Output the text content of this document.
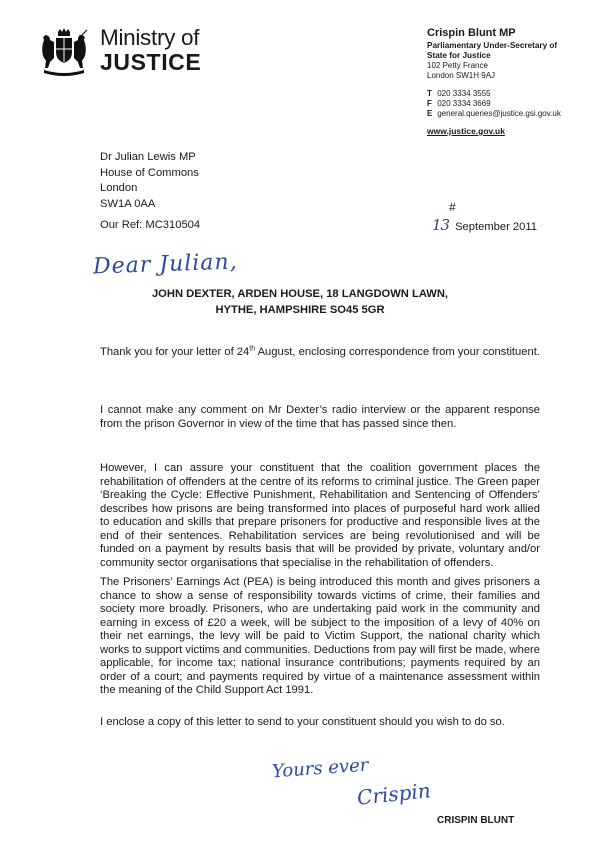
Ministry of
JUSTICE
Crispin Blunt MP
Parliamentary Under-Secretary of
State for Justice
102 Petty France
London SW1H 9AJ
T 020 3334 3555
F 020 3334 3669
E general.queries@justice.gsi.gov.uk
www.justice.gov.uk
Dr Julian Lewis MP
House of Commons
London
SW1A 0AA
Our Ref: MC310504
#
13 September 2011
Dear Julian,
JOHN DEXTER, ARDEN HOUSE, 18 LANGDOWN LAWN,
HYTHE, HAMPSHIRE SO45 5GR
Thank you for your letter of 24th August, enclosing correspondence from your constituent.
I cannot make any comment on Mr Dexter’s radio interview or the apparent response from the prison Governor in view of the time that has passed since then.
However, I can assure your constituent that the coalition government places the rehabilitation of offenders at the centre of its reforms to criminal justice. The Green paper ‘Breaking the Cycle: Effective Punishment, Rehabilitation and Sentencing of Offenders’ describes how prisons are being transformed into places of purposeful hard work allied to education and skills that prepare prisoners for productive and responsible lives at the end of their sentences. Rehabilitation services are being revolutionised and will be funded on a payment by results basis that will be provided by private, voluntary and/or community sector organisations that specialise in the rehabilitation of offenders.
The Prisoners’ Earnings Act (PEA) is being introduced this month and gives prisoners a chance to show a sense of responsibility towards victims of crime, their families and society more broadly. Prisoners, who are undertaking paid work in the community and earning in excess of £20 a week, will be subject to the imposition of a levy of 40% on their net earnings, the levy will be paid to Victim Support, the national charity which works to support victims and communities. Deductions from pay will first be made, where applicable, for income tax; national insurance contributions; payments required by an order of a court; and payments required by virtue of a maintenance assessment within the meaning of the Child Support Act 1991.
I enclose a copy of this letter to send to your constituent should you wish to do so.
Yours ever
Crispin
CRISPIN BLUNT
